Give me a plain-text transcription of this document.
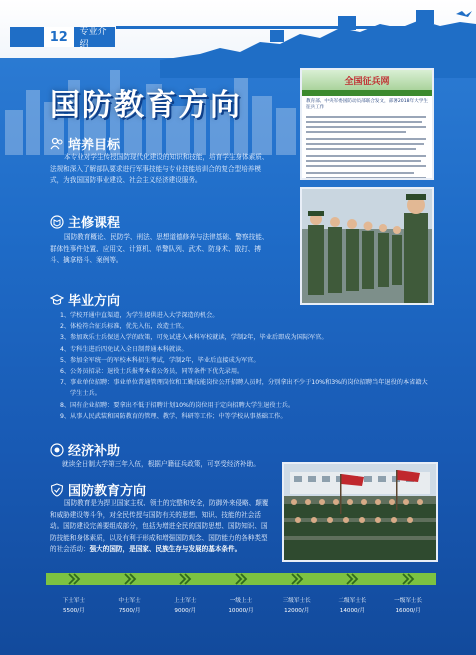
12	专业介绍
国防教育方向
全国征兵网
教育部、中央军委国防动员部联合发文，部署2018年大学生征兵工作
培养目标
本专业对学生传授国防现代化建设的知识和技能，培育学生身体素质、法规和深入了解部队要求进行军事技能与专业技能培训合的复合型培养模式，为我国国防事业建设、社会主义经济建设服务。
主修课程
国防教育概论、民防学、刑法、思想道德修养与法律基础、警察技能、群体性事件处置、应用文、计算机、单警队列、武术、防身术、散打、搏斗、擒拿格斗、案例等。
毕业方向
1、 学校开通中直渠道，为学生提供进入大学深造的机会。
2、 体检符合征兵标准，优先入伍，改造士官。
3、 参加欢乐士兵保送入学的政策，可免试进入本科军校就读，学制2年，毕业后即成为国际军官。
4、 专科生进后四免试入全日制普通本科就读。
5、 参加全军统一的军校本科招生考试，学制2年，毕业后直接成为军官。
6、 公务员招录：退役士兵报考本省公务员，同等条件下优先录用。
7、 事业单位招聘：事业单位普通管理岗位和工勤技能岗位公开招聘人员时，分别拿出不少于10%和3%的岗位招聘当年退役的本省籍大学生士兵。
8、 国有企业招聘：要拿出不低于招聘计划10%的岗位用于定向招聘大学生退役士兵。
9、 从事人民武装和国防教育的管理、教学、科研等工作；中等学校从事基础工作。
经济补助
就读全日制大学第三年入伍，根据户籍征兵政策，可享受经济补助。
国防教育方向
国防教育是为捍卫国家主权、领土的完整和安全，防御外来侵略、颠覆和威胁建设等斗争，对全民传授与国防有关的思想、知识、技能的社会活动。国防建设完善要组成部分，包括为增进全民的国防思想、国防知识、国防技能和身体素质，以及有利于形成和增强国防观念、国防能力的各种类型的社会活动：强大的国防，是国家、民族生存与发展的基本条件。
下士军士
5500/月
中士军士
7500/月
上士军士
9000/月
一级上士
10000/月
三级军士长
12000/月
二级军士长
14000/月
一级军士长
16000/月
